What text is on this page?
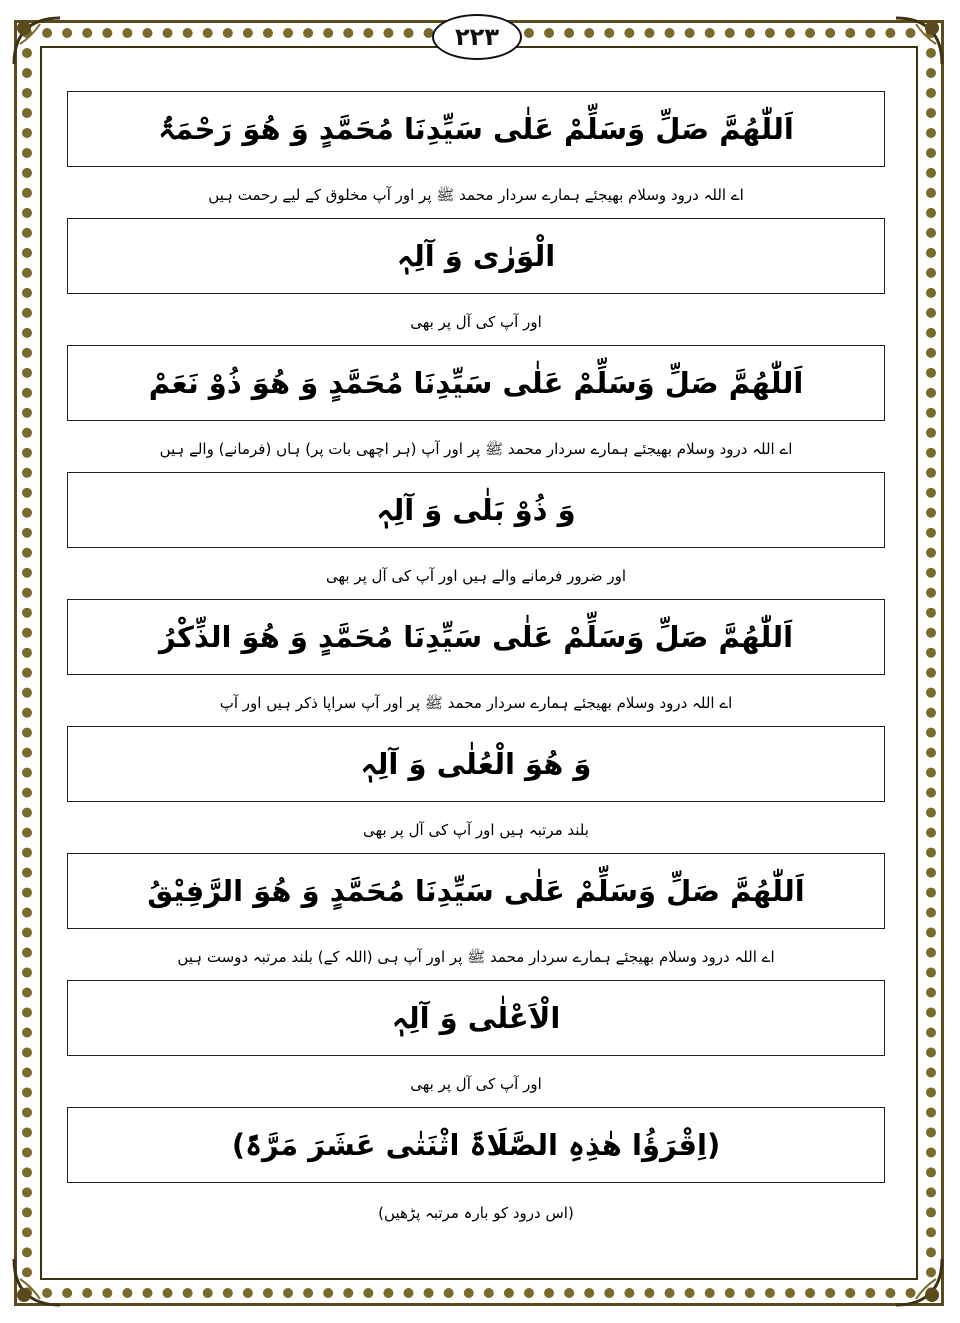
۲۲۳
اَللّٰھُمَّ صَلِّ وَسَلِّمْ عَلٰی سَیِّدِنَا مُحَمَّدٍ وَ ھُوَ رَحْمَۃُ
اے اللہ درود وسلام بھیجئے ہمارے سردار محمد ﷺ پر اور آپ مخلوق کے لیے رحمت ہیں
الْوَرٰی وَ آلِہٖ
اور آپ کی آل پر بھی
اَللّٰھُمَّ صَلِّ وَسَلِّمْ عَلٰی سَیِّدِنَا مُحَمَّدٍ وَ ھُوَ ذُوْ نَعَمْ
اے اللہ درود وسلام بھیجئے ہمارے سردار محمد ﷺ پر اور آپ (ہر اچھی بات پر) ہاں (فرمانے) والے ہیں
وَ ذُوْ بَلٰی وَ آلِہٖ
اور ضرور فرمانے والے ہیں اور آپ کی آل پر بھی
اَللّٰھُمَّ صَلِّ وَسَلِّمْ عَلٰی سَیِّدِنَا مُحَمَّدٍ وَ ھُوَ الذِّکْرُ
اے اللہ درود وسلام بھیجئے ہمارے سردار محمد ﷺ پر اور آپ سراپا ذکر ہیں اور آپ
وَ ھُوَ الْعُلٰی وَ آلِہٖ
بلند مرتبہ ہیں اور آپ کی آل پر بھی
اَللّٰھُمَّ صَلِّ وَسَلِّمْ عَلٰی سَیِّدِنَا مُحَمَّدٍ وَ ھُوَ الرَّفِیْقُ
اے اللہ درود وسلام بھیجئے ہمارے سردار محمد ﷺ پر اور آپ ہی (اللہ کے) بلند مرتبہ دوست ہیں
الْاَعْلٰی وَ آلِہٖ
اور آپ کی آل پر بھی
(اِقْرَؤُا ھٰذِہِ الصَّلَاۃَ اثْنَتٰی عَشَرَ مَرَّۃً)
(اس درود کو بارہ مرتبہ پڑھیں)
